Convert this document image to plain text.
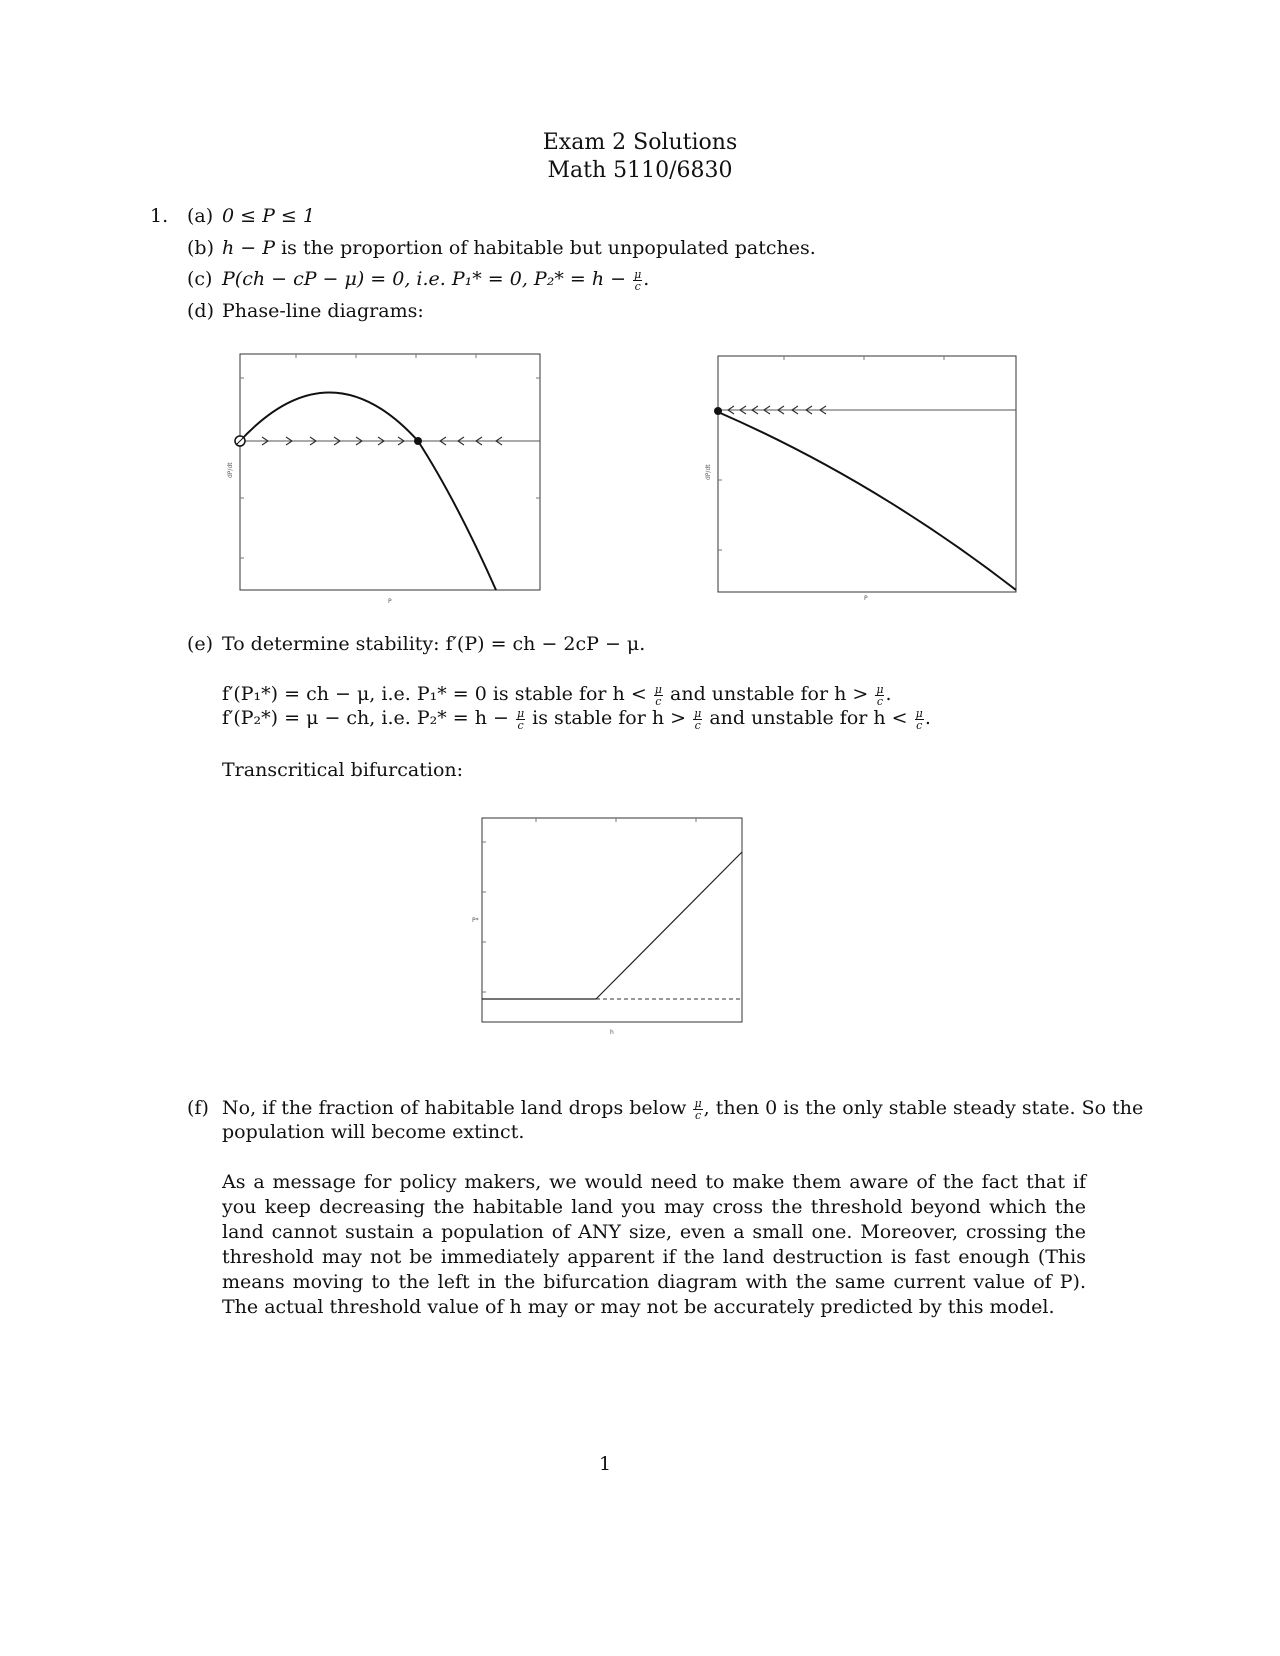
Exam 2 Solutions
Math 5110/6830
1. (a) 0 ≤ P ≤ 1
(b) h − P is the proportion of habitable but unpopulated patches.
(c) P(ch − cP − μ) = 0, i.e. P₁* = 0, $P_2* = h - \frac{\mu}{c}$ .
(d) Phase-line diagrams:
P
dP/dt
P
dP/dt
(e) To determine stability: f′(P) = ch − 2cP − μ.
f′(P₁*) = ch − μ, i.e. P₁* = 0 is stable for $h < \frac{\mu}{c}$ and unstable for $h > \frac{\mu}{c}$ .
f′(P₂*) = μ − ch, i.e. $P_2* = h - \frac{\mu}{c}$ is stable for $h > \frac{\mu}{c}$ and unstable for $h < \frac{\mu}{c}$ .
Transcritical bifurcation:
h
P*
(f) No, if the fraction of habitable land drops below $\frac{\mu}{c}$ , then 0 is the only stable steady state. So the
population will become extinct.
As a message for policy makers, we would need to make them aware of the fact that if you keep decreasing the habitable land you may cross the threshold beyond which the land cannot sustain a population of ANY size, even a small one. Moreover, crossing the threshold may not be immediately apparent if the land destruction is fast enough (This means moving to the left in the bifurcation diagram with the same current value of P). The actual threshold value of h may or may not be accurately predicted by this model.
1
